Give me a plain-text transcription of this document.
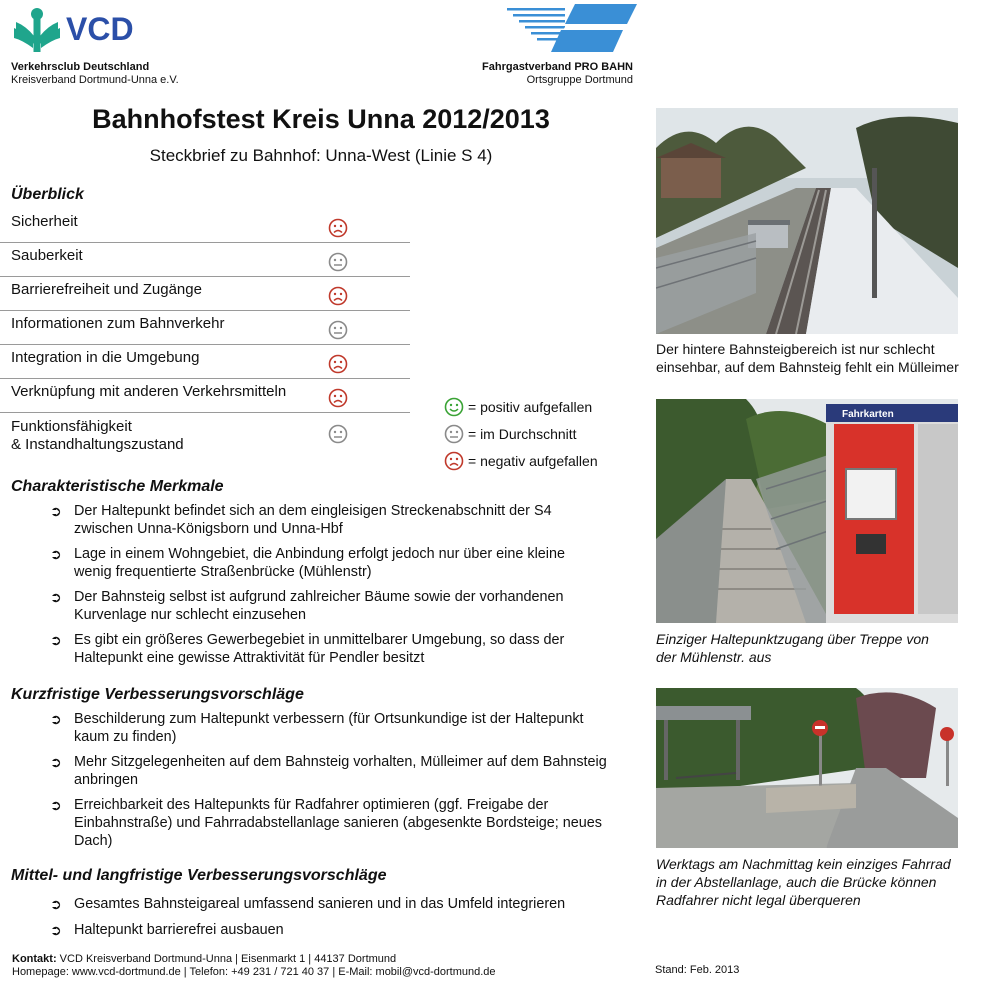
VCD
Verkehrsclub Deutschland
Kreisverband Dortmund-Unna e.V.
Fahrgastverband PRO BAHN
Ortsgruppe Dortmund
Bahnhofstest Kreis Unna 2012/2013
Steckbrief zu Bahnhof: Unna-West (Linie S 4)
Überblick
Sicherheit
Sauberkeit
Barrierefreiheit und Zugänge
Informationen zum Bahnverkehr
Integration in die Umgebung
Verknüpfung mit anderen Verkehrsmitteln
Funktionsfähigkeit
& Instandhaltungszustand
= positiv aufgefallen
= im Durchschnitt
= negativ aufgefallen
Charakteristische Merkmale
➲ Der Haltepunkt befindet sich an dem eingleisigen Streckenabschnitt der S4
zwischen Unna-Königsborn und Unna-Hbf
➲ Lage in einem Wohngebiet, die Anbindung erfolgt jedoch nur über eine kleine
wenig frequentierte Straßenbrücke (Mühlenstr)
➲ Der Bahnsteig selbst ist aufgrund zahlreicher Bäume sowie der vorhandenen
Kurvenlage nur schlecht einzusehen
➲ Es gibt ein größeres Gewerbegebiet in unmittelbarer Umgebung, so dass der
Haltepunkt eine gewisse Attraktivität für Pendler besitzt
Kurzfristige Verbesserungsvorschläge
➲ Beschilderung zum Haltepunkt verbessern (für Ortsunkundige ist der Haltepunkt
kaum zu finden)
➲ Mehr Sitzgelegenheiten auf dem Bahnsteig vorhalten, Mülleimer auf dem Bahnsteig
anbringen
➲ Erreichbarkeit des Haltepunkts für Radfahrer optimieren (ggf. Freigabe der
Einbahnstraße) und Fahrradabstellanlage sanieren (abgesenkte Bordsteige; neues
Dach)
Mittel- und langfristige Verbesserungsvorschläge
➲ Gesamtes Bahnsteigareal umfassend sanieren und in das Umfeld integrieren
➲ Haltepunkt barrierefrei ausbauen
Der hintere Bahnsteigbereich ist nur schlecht
einsehbar, auf dem Bahnsteig fehlt ein Mülleimer
Fahrkarten
Einziger Haltepunktzugang über Treppe von
der Mühlenstr. aus
Werktags am Nachmittag kein einziges Fahrrad
in der Abstellanlage, auch die Brücke können
Radfahrer nicht legal überqueren
Kontakt: VCD Kreisverband Dortmund-Unna | Eisenmarkt 1 | 44137 Dortmund
Homepage: www.vcd-dortmund.de | Telefon: +49 231 / 721 40 37 | E-Mail: mobil@vcd-dortmund.de	Stand: Feb. 2013
